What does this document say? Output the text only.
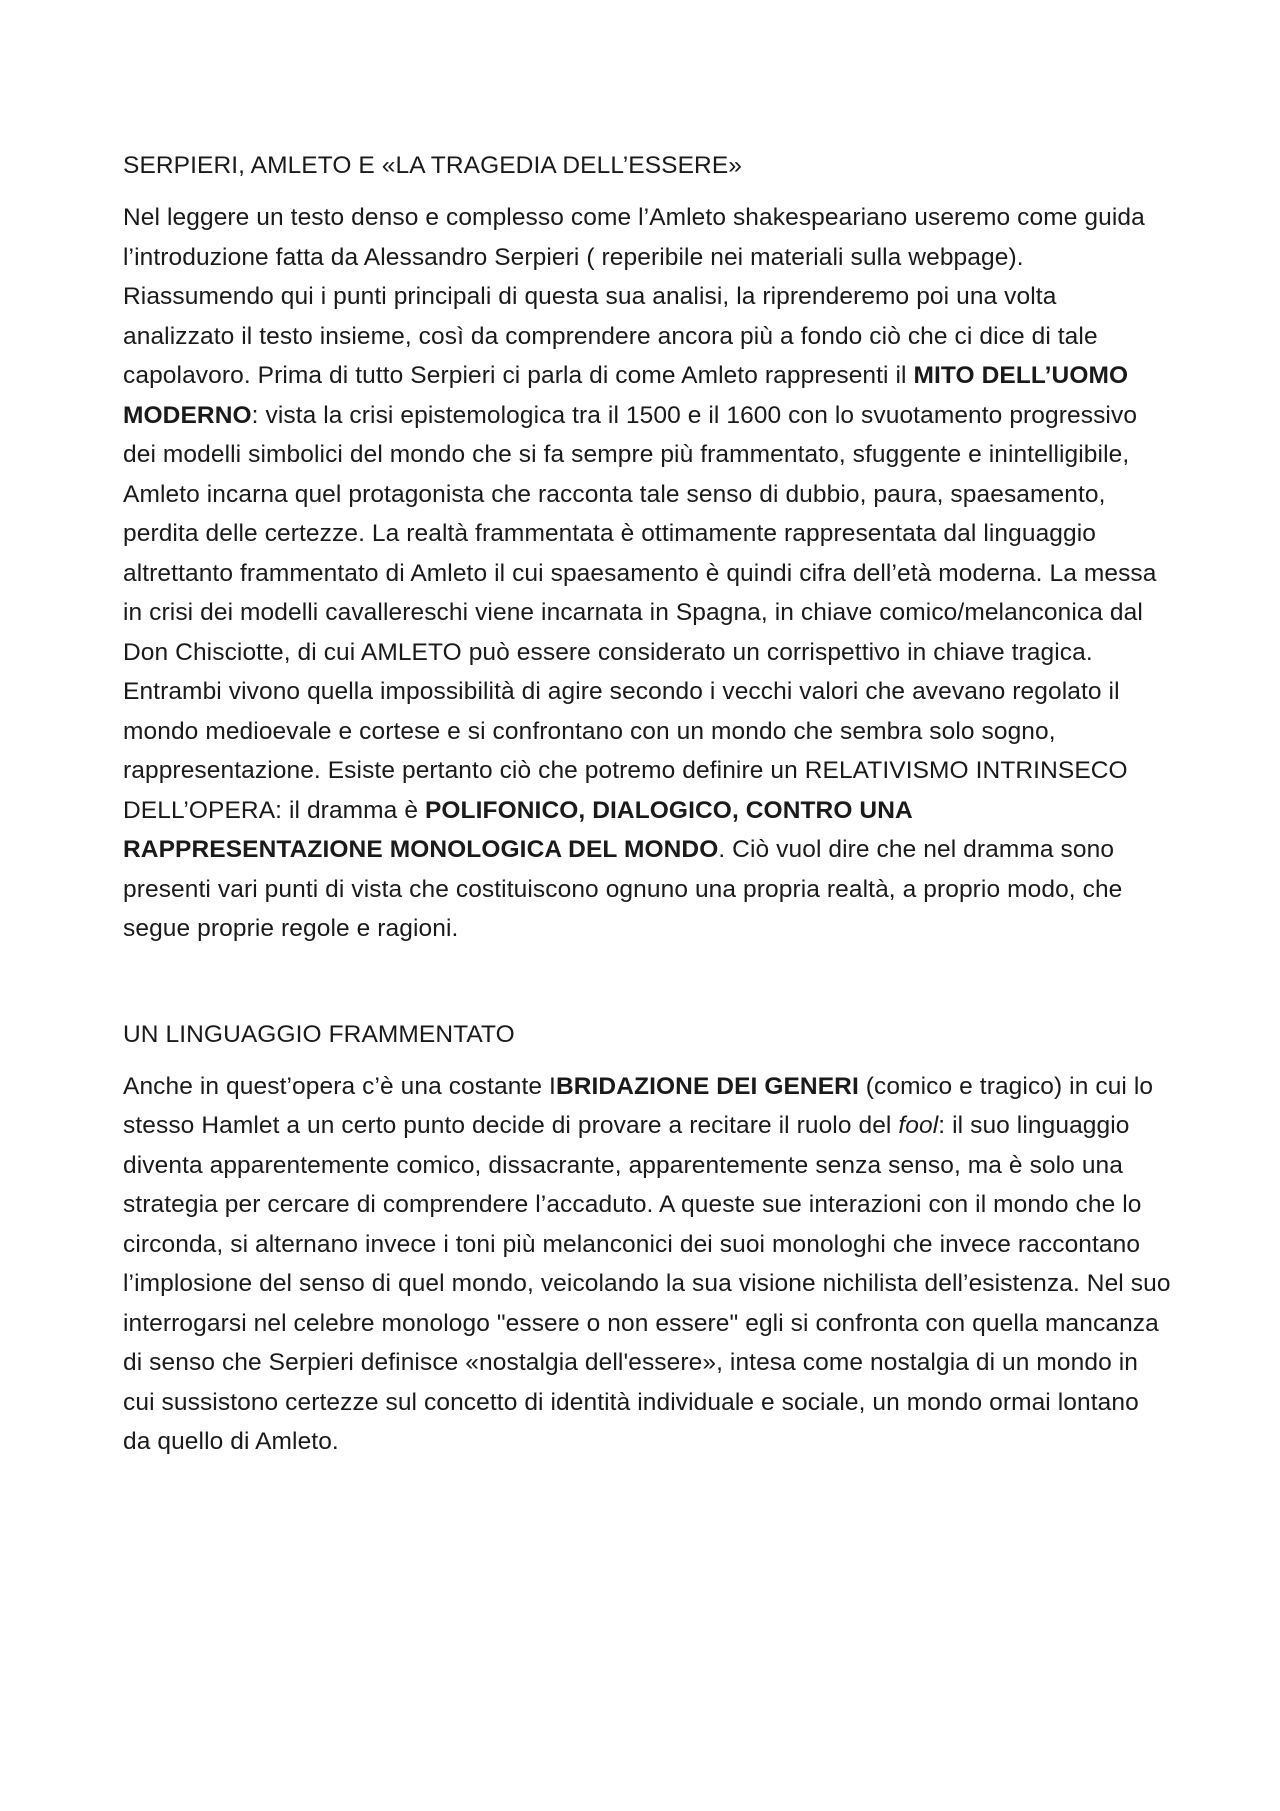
SERPIERI, AMLETO E «LA TRAGEDIA DELL’ESSERE»

Nel leggere un testo denso e complesso come l’Amleto shakespeariano useremo come guida l’introduzione fatta da Alessandro Serpieri ( reperibile nei materiali sulla webpage). Riassumendo qui i punti principali di questa sua analisi, la riprenderemo poi una volta analizzato il testo insieme, così da comprendere ancora più a fondo ciò che ci dice di tale capolavoro. Prima di tutto Serpieri ci parla di come Amleto rappresenti il MITO DELL’UOMO MODERNO: vista la crisi epistemologica tra il 1500 e il 1600 con lo svuotamento progressivo dei modelli simbolici del mondo che si fa sempre più frammentato, sfuggente e inintelligibile, Amleto incarna quel protagonista che racconta tale senso di dubbio, paura, spaesamento, perdita delle certezze. La realtà frammentata è ottimamente rappresentata dal linguaggio altrettanto frammentato di Amleto il cui spaesamento è quindi cifra dell’età moderna. La messa in crisi dei modelli cavallereschi viene incarnata in Spagna, in chiave comico/melanconica dal Don Chisciotte, di cui AMLETO può essere considerato un corrispettivo in chiave tragica. Entrambi vivono quella impossibilità di agire secondo i vecchi valori che avevano regolato il mondo medioevale e cortese e si confrontano con un mondo che sembra solo sogno, rappresentazione. Esiste pertanto ciò che potremo definire un RELATIVISMO INTRINSECO DELL’OPERA: il dramma è POLIFONICO, DIALOGICO, CONTRO UNA RAPPRESENTAZIONE MONOLOGICA DEL MONDO. Ciò vuol dire che nel dramma sono presenti vari punti di vista che costituiscono ognuno una propria realtà, a proprio modo, che segue proprie regole e ragioni.

UN LINGUAGGIO FRAMMENTATO

Anche in quest’opera c’è una costante IBRIDAZIONE DEI GENERI (comico e tragico) in cui lo stesso Hamlet a un certo punto decide di provare a recitare il ruolo del fool: il suo linguaggio diventa apparentemente comico, dissacrante, apparentemente senza senso, ma è solo una strategia per cercare di comprendere l’accaduto. A queste sue interazioni con il mondo che lo circonda, si alternano invece i toni più melanconici dei suoi monologhi che invece raccontano l’implosione del senso di quel mondo, veicolando la sua visione nichilista dell’esistenza. Nel suo interrogarsi nel celebre monologo "essere o non essere" egli si confronta con quella mancanza di senso che Serpieri definisce «nostalgia dell'essere», intesa come nostalgia di un mondo in cui sussistono certezze sul concetto di identità individuale e sociale, un mondo ormai lontano da quello di Amleto.
